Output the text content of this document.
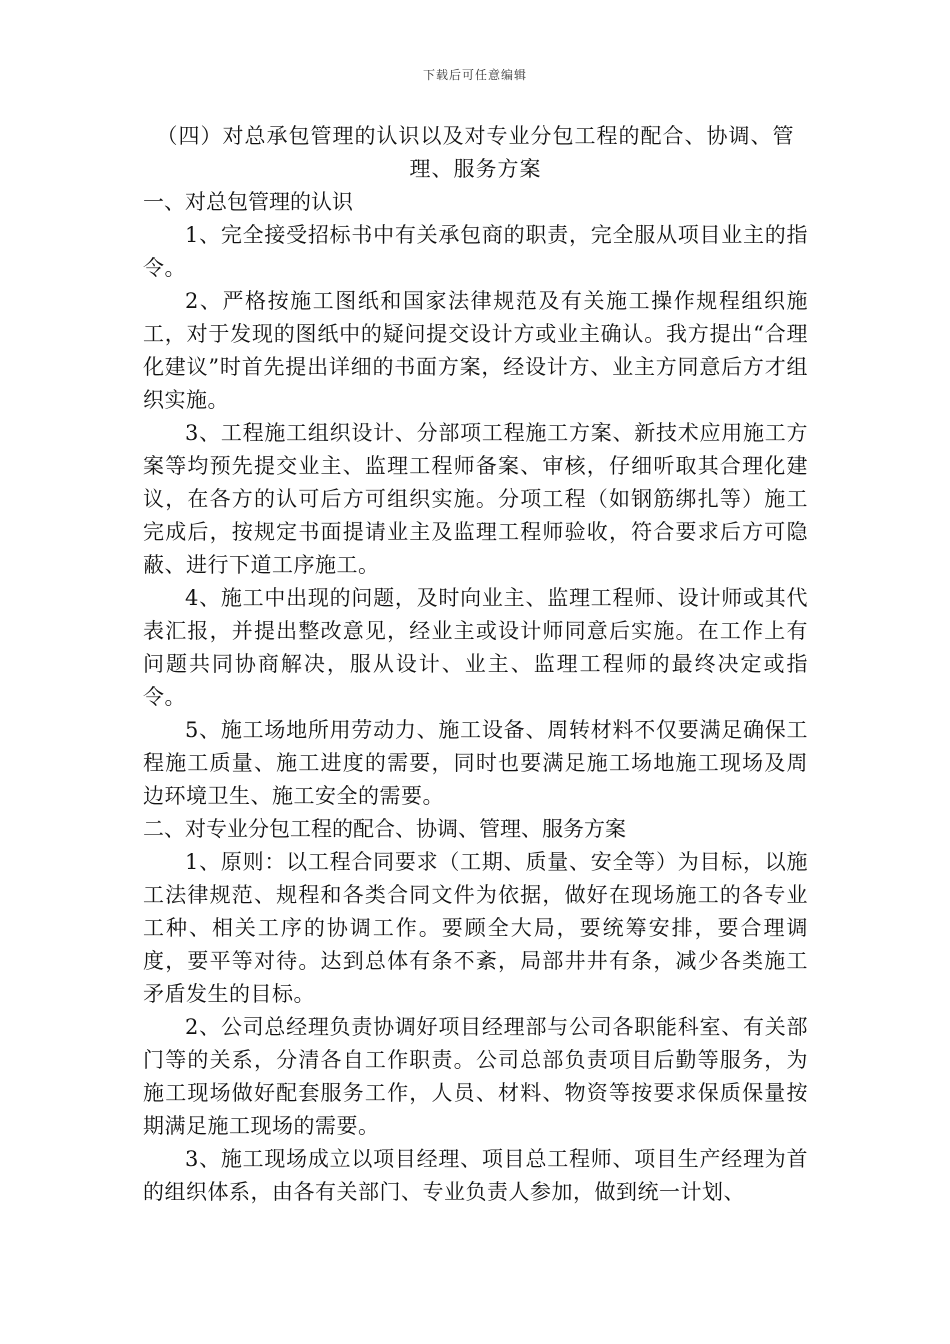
下载后可任意编辑
（四）对总承包管理的认识以及对专业分包工程的配合、协调、管理、服务方案
一、对总包管理的认识

1、完全接受招标书中有关承包商的职责，完全服从项目业主的指令。

2、严格按施工图纸和国家法律规范及有关施工操作规程组织施工，对于发现的图纸中的疑问提交设计方或业主确认。我方提出“合理化建议”时首先提出详细的书面方案，经设计方、业主方同意后方才组织实施。

3、工程施工组织设计、分部项工程施工方案、新技术应用施工方案等均预先提交业主、监理工程师备案、审核，仔细听取其合理化建议，在各方的认可后方可组织实施。分项工程（如钢筋绑扎等）施工完成后，按规定书面提请业主及监理工程师验收，符合要求后方可隐蔽、进行下道工序施工。

4、施工中出现的问题，及时向业主、监理工程师、设计师或其代表汇报，并提出整改意见，经业主或设计师同意后实施。在工作上有问题共同协商解决，服从设计、业主、监理工程师的最终决定或指令。

5、施工场地所用劳动力、施工设备、周转材料不仅要满足确保工程施工质量、施工进度的需要，同时也要满足施工场地施工现场及周边环境卫生、施工安全的需要。

二、对专业分包工程的配合、协调、管理、服务方案

1、原则：以工程合同要求（工期、质量、安全等）为目标，以施工法律规范、规程和各类合同文件为依据，做好在现场施工的各专业工种、相关工序的协调工作。要顾全大局，要统筹安排，要合理调度，要平等对待。达到总体有条不紊，局部井井有条，减少各类施工矛盾发生的目标。

2、公司总经理负责协调好项目经理部与公司各职能科室、有关部门等的关系，分清各自工作职责。公司总部负责项目后勤等服务，为施工现场做好配套服务工作，人员、材料、物资等按要求保质保量按期满足施工现场的需要。

3、施工现场成立以项目经理、项目总工程师、项目生产经理为首的组织体系，由各有关部门、专业负责人参加，做到统一计划、
